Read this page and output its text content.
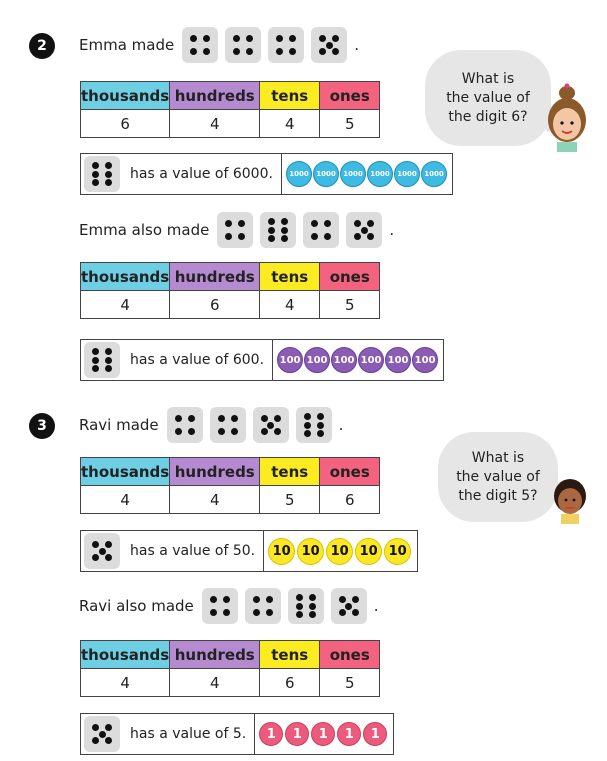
2	Emma made	.
thousands	hundreds	tens	ones
6	4	4	5
has a value of 6000.	1000	1000	1000	1000	1000	1000
Emma also made	.
thousands	hundreds	tens	ones
4	6	4	5
has a value of 600. 100 100 100 100 100 100
What is
the value of
the digit 6?
3	Ravi made	.
thousands	hundreds	tens	ones
4	4	5	6
has a value of 50.	10 10 10 10 10
Ravi also made	.
thousands	hundreds	tens	ones
4	4	6	5
has a value of 5.	1	1	1	1	1
What is
the value of
the digit 5?
